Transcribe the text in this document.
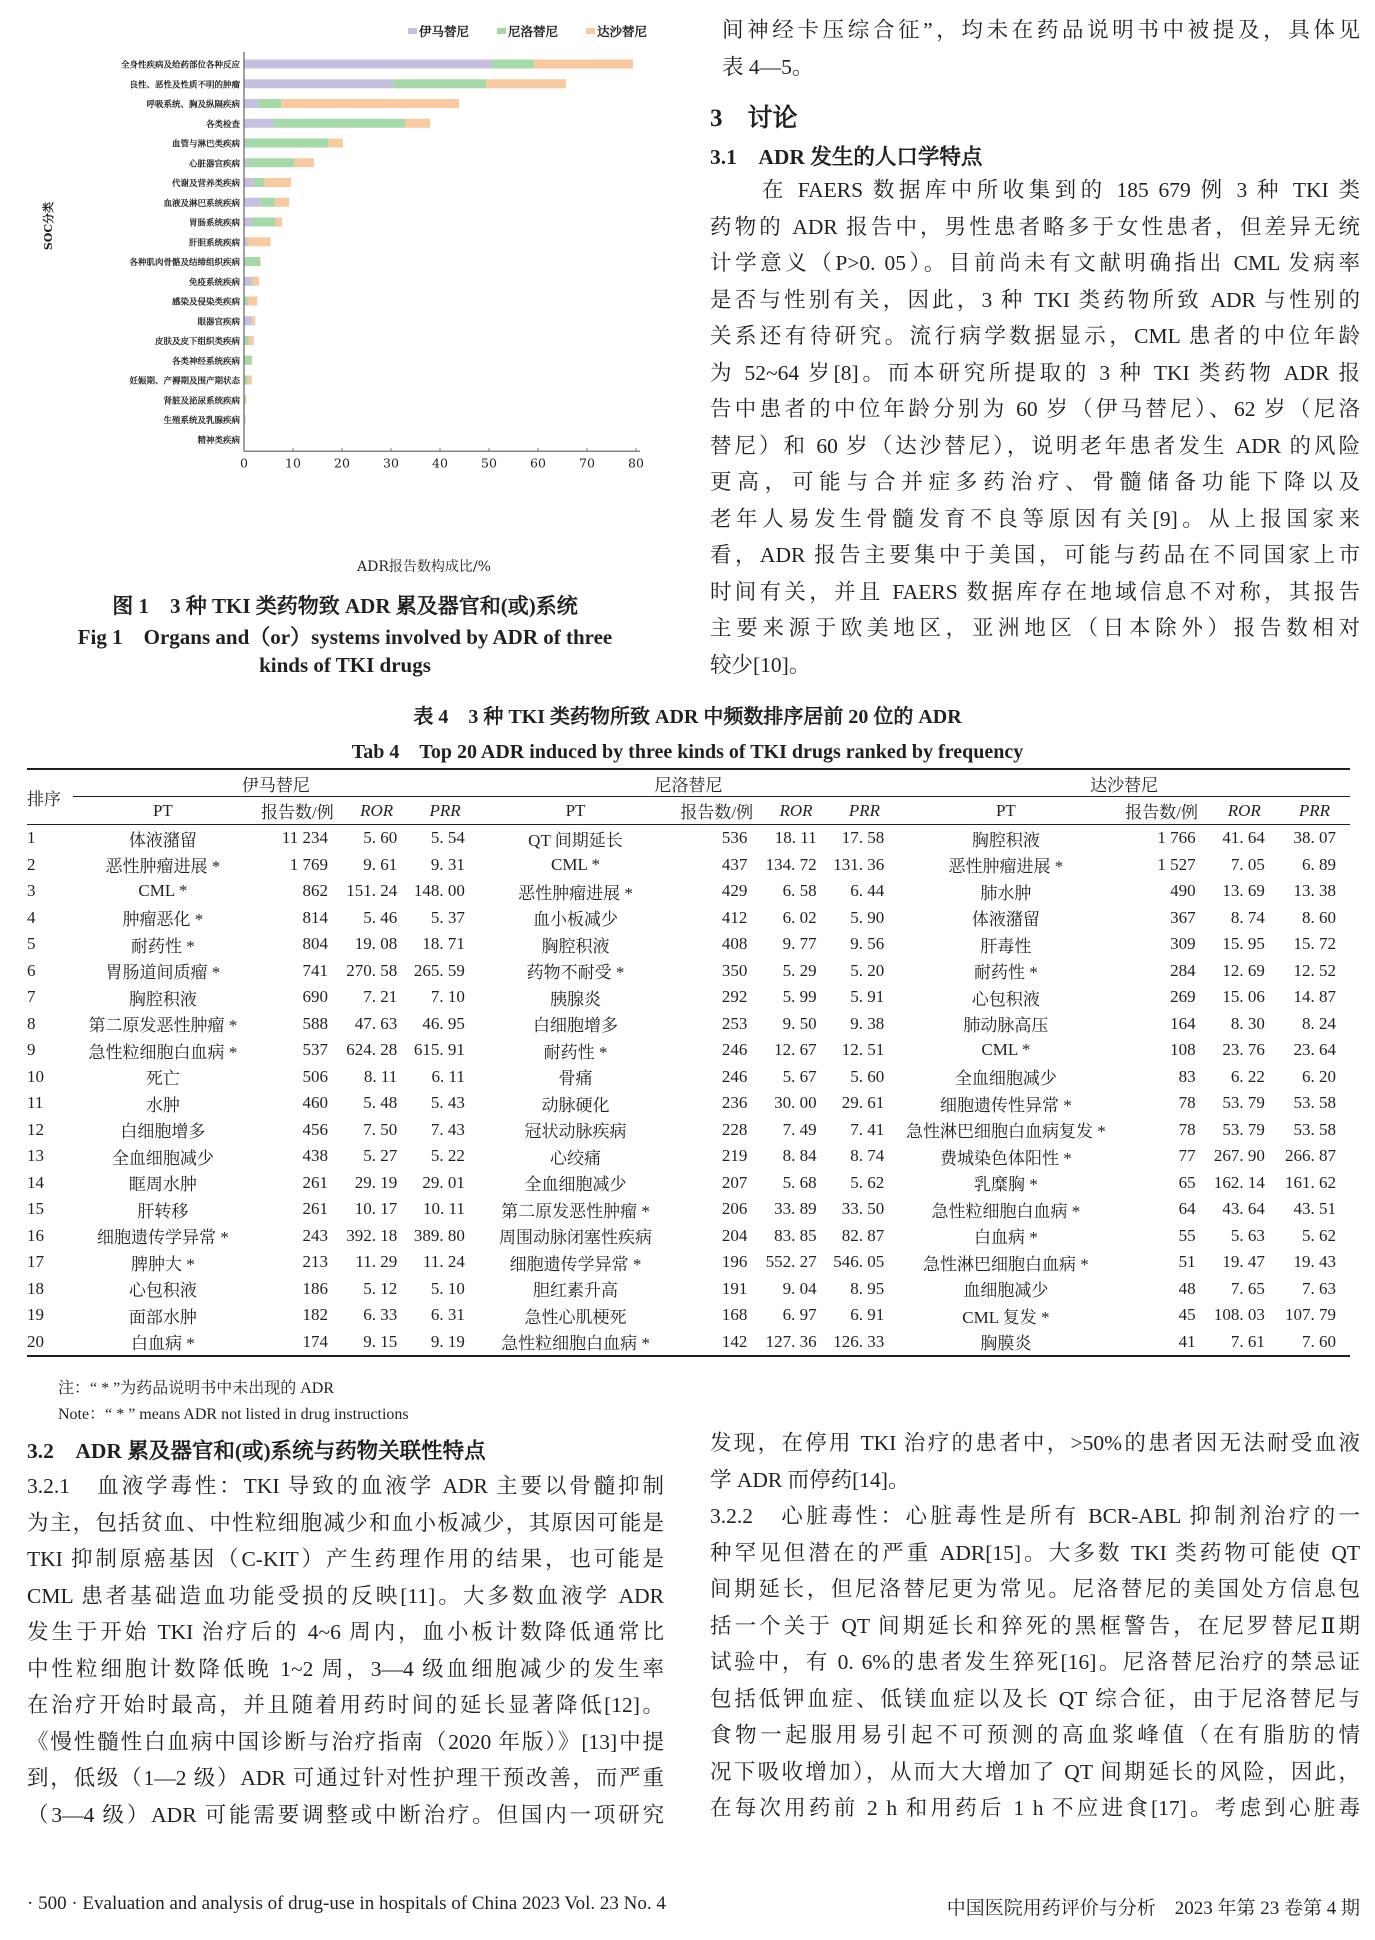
伊马替尼	尼洛替尼	达沙替尼
全身性疾病及给药部位各种反应
良性、恶性及性质不明的肿瘤
呼吸系统、胸及纵隔疾病
各类检查
血管与淋巴类疾病
心脏器官疾病
代谢及营养类疾病
血液及淋巴系统疾病
胃肠系统疾病
肝胆系统疾病
各种肌肉骨骼及结缔组织疾病
免疫系统疾病
感染及侵染类疾病
眼器官疾病
皮肤及皮下组织类疾病
各类神经系统疾病
妊娠期、产褥期及围产期状态
肾脏及泌尿系统疾病
生殖系统及乳腺疾病
精神类疾病
0	10	20	30	40	50	60	70	80
ADR报告数构成比/%
SOC分类
图 1　3 种 TKI 类药物致 ADR 累及器官和(或)系统
Fig 1　Organs and（or）systems involved by ADR of three
kinds of TKI drugs
间神经卡压综合征”，均未在药品说明书中被提及，具体见
表 4—5。
3　讨论
3.1　ADR 发生的人口学特点
　　在 FAERS 数据库中所收集到的 185 679 例 3 种 TKI 类
药物的 ADR 报告中，男性患者略多于女性患者，但差异无统
计学意义（P>0. 05）。目前尚未有文献明确指出 CML 发病率
是否与性别有关，因此，3 种 TKI 类药物所致 ADR 与性别的
关系还有待研究。流行病学数据显示，CML 患者的中位年龄
为 52~64 岁[8]。而本研究所提取的 3 种 TKI 类药物 ADR 报
告中患者的中位年龄分别为 60 岁（伊马替尼）、62 岁（尼洛
替尼）和 60 岁（达沙替尼），说明老年患者发生 ADR 的风险
更高，可能与合并症多药治疗、骨髓储备功能下降以及
老年人易发生骨髓发育不良等原因有关[9]。从上报国家来
看，ADR 报告主要集中于美国，可能与药品在不同国家上市
时间有关，并且 FAERS 数据库存在地域信息不对称，其报告
主要来源于欧美地区，亚洲地区（日本除外）报告数相对
较少[10]。
表 4　3 种 TKI 类药物所致 ADR 中频数排序居前 20 位的 ADR
Tab 4　Top 20 ADR induced by three kinds of TKI drugs ranked by frequency
排序	伊马替尼				尼洛替尼				达沙替尼			
	PT	报告数/例	ROR	PRR	PT	报告数/例	ROR	PRR	PT	报告数/例	ROR	PRR
1	体液潴留	11 234	5. 60	5. 54	QT 间期延长	536	18. 11	17. 58	胸腔积液	1 766	41. 64	38. 07
2	恶性肿瘤进展 *	1 769	9. 61	9. 31	CML *	437	134. 72	131. 36	恶性肿瘤进展 *	1 527	7. 05	6. 89
3	CML *	862	151. 24	148. 00	恶性肿瘤进展 *	429	6. 58	6. 44	肺水肿	490	13. 69	13. 38
4	肿瘤恶化 *	814	5. 46	5. 37	血小板减少	412	6. 02	5. 90	体液潴留	367	8. 74	8. 60
5	耐药性 *	804	19. 08	18. 71	胸腔积液	408	9. 77	9. 56	肝毒性	309	15. 95	15. 72
6	胃肠道间质瘤 *	741	270. 58	265. 59	药物不耐受 *	350	5. 29	5. 20	耐药性 *	284	12. 69	12. 52
7	胸腔积液	690	7. 21	7. 10	胰腺炎	292	5. 99	5. 91	心包积液	269	15. 06	14. 87
8	第二原发恶性肿瘤 *	588	47. 63	46. 95	白细胞增多	253	9. 50	9. 38	肺动脉高压	164	8. 30	8. 24
9	急性粒细胞白血病 *	537	624. 28	615. 91	耐药性 *	246	12. 67	12. 51	CML *	108	23. 76	23. 64
10	死亡	506	8. 11	6. 11	骨痛	246	5. 67	5. 60	全血细胞减少	83	6. 22	6. 20
11	水肿	460	5. 48	5. 43	动脉硬化	236	30. 00	29. 61	细胞遗传性异常 *	78	53. 79	53. 58
12	白细胞增多	456	7. 50	7. 43	冠状动脉疾病	228	7. 49	7. 41	急性淋巴细胞白血病复发 *	78	53. 79	53. 58
13	全血细胞减少	438	5. 27	5. 22	心绞痛	219	8. 84	8. 74	费城染色体阳性 *	77	267. 90	266. 87
14	眶周水肿	261	29. 19	29. 01	全血细胞减少	207	5. 68	5. 62	乳糜胸 *	65	162. 14	161. 62
15	肝转移	261	10. 17	10. 11	第二原发恶性肿瘤 *	206	33. 89	33. 50	急性粒细胞白血病 *	64	43. 64	43. 51
16	细胞遗传学异常 *	243	392. 18	389. 80	周围动脉闭塞性疾病	204	83. 85	82. 87	白血病 *	55	5. 63	5. 62
17	脾肿大 *	213	11. 29	11. 24	细胞遗传学异常 *	196	552. 27	546. 05	急性淋巴细胞白血病 *	51	19. 47	19. 43
18	心包积液	186	5. 12	5. 10	胆红素升高	191	9. 04	8. 95	血细胞减少	48	7. 65	7. 63
19	面部水肿	182	6. 33	6. 31	急性心肌梗死	168	6. 97	6. 91	CML 复发 *	45	108. 03	107. 79
20	白血病 *	174	9. 15	9. 19	急性粒细胞白血病 *	142	127. 36	126. 33	胸膜炎	41	7. 61	7. 60
注：“ * ”为药品说明书中未出现的 ADR
Note：“ * ” means ADR not listed in drug instructions
3.2　ADR 累及器官和(或)系统与药物关联性特点
3.2.1　血液学毒性：TKI 导致的血液学 ADR 主要以骨髓抑制
为主，包括贫血、中性粒细胞减少和血小板减少，其原因可能是
TKI 抑制原癌基因（C-KIT）产生药理作用的结果，也可能是
CML 患者基础造血功能受损的反映[11]。大多数血液学 ADR
发生于开始 TKI 治疗后的 4~6 周内，血小板计数降低通常比
中性粒细胞计数降低晚 1~2 周，3—4 级血细胞减少的发生率
在治疗开始时最高，并且随着用药时间的延长显著降低[12]。
《慢性髓性白血病中国诊断与治疗指南（2020 年版）》[13]中提
到，低级（1—2 级）ADR 可通过针对性护理干预改善，而严重
（3—4 级）ADR 可能需要调整或中断治疗。但国内一项研究
发现，在停用 TKI 治疗的患者中，>50%的患者因无法耐受血液
学 ADR 而停药[14]。
3.2.2　心脏毒性：心脏毒性是所有 BCR-ABL 抑制剂治疗的一
种罕见但潜在的严重 ADR[15]。大多数 TKI 类药物可能使 QT
间期延长，但尼洛替尼更为常见。尼洛替尼的美国处方信息包
括一个关于 QT 间期延长和猝死的黑框警告，在尼罗替尼Ⅱ期
试验中，有 0. 6%的患者发生猝死[16]。尼洛替尼治疗的禁忌证
包括低钾血症、低镁血症以及长 QT 综合征，由于尼洛替尼与
食物一起服用易引起不可预测的高血浆峰值（在有脂肪的情
况下吸收增加），从而大大增加了 QT 间期延长的风险，因此，
在每次用药前 2 h 和用药后 1 h 不应进食[17]。考虑到心脏毒
· 500 · Evaluation and analysis of drug-use in hospitals of China 2023 Vol. 23 No. 4	中国医院用药评价与分析　2023 年第 23 卷第 4 期
